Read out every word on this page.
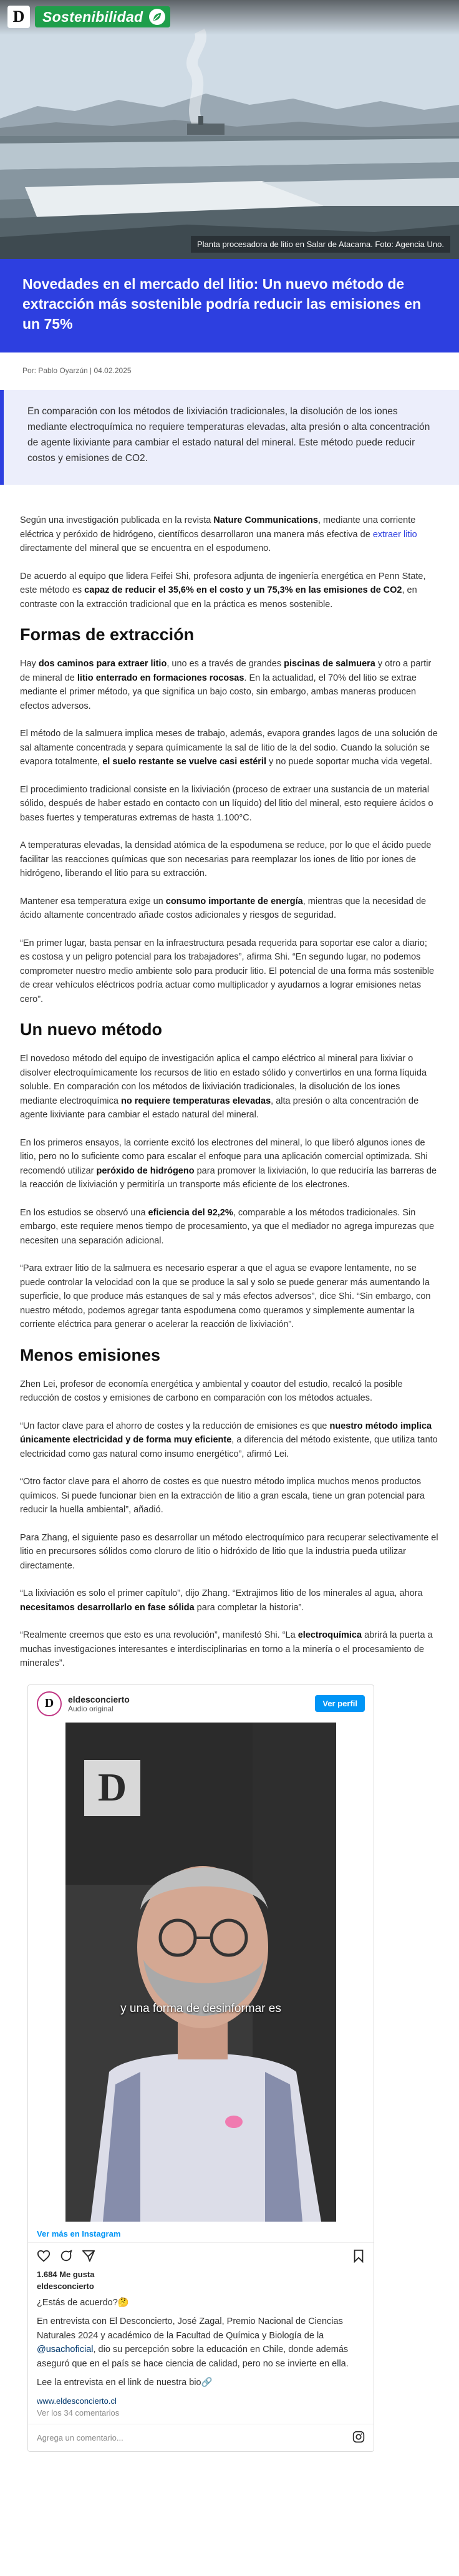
D Sostenibilidad
Planta procesadora de litio en Salar de Atacama. Foto: Agencia Uno.
Novedades en el mercado del litio: Un nuevo método de extracción más sostenible podría reducir las emisiones en un 75%
Por: Pablo Oyarzún | 04.02.2025
En comparación con los métodos de lixiviación tradicionales, la disolución de los iones mediante electroquímica no requiere temperaturas elevadas, alta presión o alta concentración de agente lixiviante para cambiar el estado natural del mineral. Este método puede reducir costos y emisiones de CO2.

Según una investigación publicada en la revista Nature Communications, mediante una corriente eléctrica y peróxido de hidrógeno, científicos desarrollaron una manera más efectiva de extraer litio directamente del mineral que se encuentra en el espodumeno.

De acuerdo al equipo que lidera Feifei Shi, profesora adjunta de ingeniería energética en Penn State, este método es capaz de reducir el 35,6% en el costo y un 75,3% en las emisiones de CO2, en contraste con la extracción tradicional que en la práctica es menos sostenible.

Formas de extracción

Hay dos caminos para extraer litio, uno es a través de grandes piscinas de salmuera y otro a partir de mineral de litio enterrado en formaciones rocosas. En la actualidad, el 70% del litio se extrae mediante el primer método, ya que significa un bajo costo, sin embargo, ambas maneras producen efectos adversos.

El método de la salmuera implica meses de trabajo, además, evapora grandes lagos de una solución de sal altamente concentrada y separa químicamente la sal de litio de la del sodio. Cuando la solución se evapora totalmente, el suelo restante se vuelve casi estéril y no puede soportar mucha vida vegetal.

El procedimiento tradicional consiste en la lixiviación (proceso de extraer una sustancia de un material sólido, después de haber estado en contacto con un líquido) del litio del mineral, esto requiere ácidos o bases fuertes y temperaturas extremas de hasta 1.100°C.

A temperaturas elevadas, la densidad atómica de la espodumena se reduce, por lo que el ácido puede facilitar las reacciones químicas que son necesarias para reemplazar los iones de litio por iones de hidrógeno, liberando el litio para su extracción.

Mantener esa temperatura exige un consumo importante de energía, mientras que la necesidad de ácido altamente concentrado añade costos adicionales y riesgos de seguridad.

“En primer lugar, basta pensar en la infraestructura pesada requerida para soportar ese calor a diario; es costosa y un peligro potencial para los trabajadores”, afirma Shi. “En segundo lugar, no podemos comprometer nuestro medio ambiente solo para producir litio. El potencial de una forma más sostenible de crear vehículos eléctricos podría actuar como multiplicador y ayudarnos a lograr emisiones netas cero”.

Un nuevo método

El novedoso método del equipo de investigación aplica el campo eléctrico al mineral para lixiviar o disolver electroquímicamente los recursos de litio en estado sólido y convertirlos en una forma líquida soluble. En comparación con los métodos de lixiviación tradicionales, la disolución de los iones mediante electroquímica no requiere temperaturas elevadas, alta presión o alta concentración de agente lixiviante para cambiar el estado natural del mineral.

En los primeros ensayos, la corriente excitó los electrones del mineral, lo que liberó algunos iones de litio, pero no lo suficiente como para escalar el enfoque para una aplicación comercial optimizada. Shi recomendó utilizar peróxido de hidrógeno para promover la lixiviación, lo que reduciría las barreras de la reacción de lixiviación y permitiría un transporte más eficiente de los electrones.

En los estudios se observó una eficiencia del 92,2%, comparable a los métodos tradicionales. Sin embargo, este requiere menos tiempo de procesamiento, ya que el mediador no agrega impurezas que necesiten una separación adicional.

“Para extraer litio de la salmuera es necesario esperar a que el agua se evapore lentamente, no se puede controlar la velocidad con la que se produce la sal y solo se puede generar más aumentando la superficie, lo que produce más estanques de sal y más efectos adversos”, dice Shi. “Sin embargo, con nuestro método, podemos agregar tanta espodumena como queramos y simplemente aumentar la corriente eléctrica para generar o acelerar la reacción de lixiviación”.

Menos emisiones

Zhen Lei, profesor de economía energética y ambiental y coautor del estudio, recalcó la posible reducción de costos y emisiones de carbono en comparación con los métodos actuales.

“Un factor clave para el ahorro de costes y la reducción de emisiones es que nuestro método implica únicamente electricidad y de forma muy eficiente, a diferencia del método existente, que utiliza tanto electricidad como gas natural como insumo energético”, afirmó Lei.

“Otro factor clave para el ahorro de costes es que nuestro método implica muchos menos productos químicos. Si puede funcionar bien en la extracción de litio a gran escala, tiene un gran potencial para reducir la huella ambiental”, añadió.

Para Zhang, el siguiente paso es desarrollar un método electroquímico para recuperar selectivamente el litio en precursores sólidos como cloruro de litio o hidróxido de litio que la industria pueda utilizar directamente.

“La lixiviación es solo el primer capítulo”, dijo Zhang. “Extrajimos litio de los minerales al agua, ahora necesitamos desarrollarlo en fase sólida para completar la historia”.

“Realmente creemos que esto es una revolución”, manifestó Shi. “La electroquímica abrirá la puerta a muchas investigaciones interesantes e interdisciplinarias en torno a la minería o el procesamiento de minerales”.

D eldesconcierto
Audio original
Ver perfil
D
y una forma de desinformar es
Ver más en Instagram
1.684 Me gusta
eldesconcierto

¿Estás de acuerdo?🤔

En entrevista con El Desconcierto, José Zagal, Premio Nacional de Ciencias Naturales 2024 y académico de la Facultad de Química y Biología de la @usachoficial, dio su percepción sobre la educación en Chile, donde además aseguró que en el país se hace ciencia de calidad, pero no se invierte en ella.

Lee la entrevista en el link de nuestra bio🔗

www.eldesconcierto.cl
Ver los 34 comentarios
Agrega un comentario...
